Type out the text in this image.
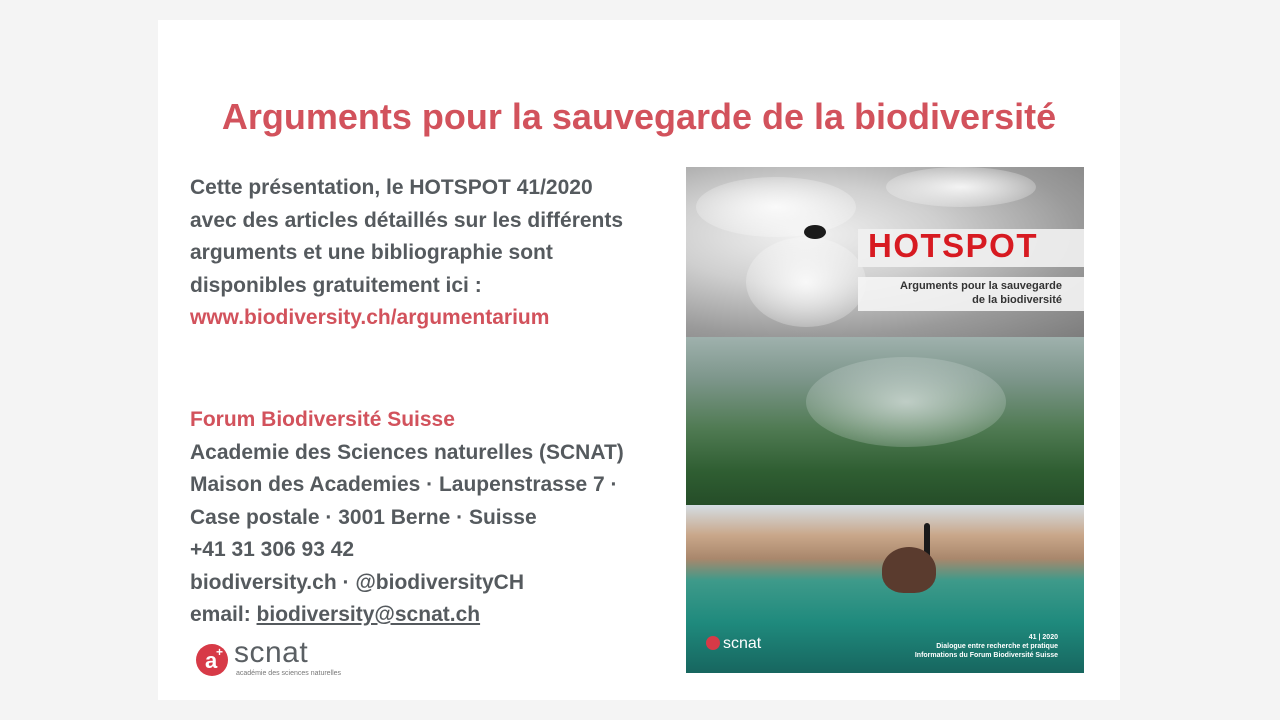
Arguments pour la sauvegarde de la biodiversité
Cette présentation, le HOTSPOT 41/2020
avec des articles détaillés sur les différents
arguments et une bibliographie sont
disponibles gratuitement ici :
www.biodiversity.ch/argumentarium
Forum Biodiversité Suisse
Academie des Sciences naturelles (SCNAT)
Maison des Academies · Laupenstrasse 7 ·
Case postale · 3001 Berne · Suisse
+41 31 306 93 42
biodiversity.ch · @biodiversityCH
email: biodiversity@scnat.ch
a
+ scnat
académie des sciences naturelles
HOTSPOT
Arguments pour la sauvegarde
de la biodiversité
scnat	41 | 2020
Dialogue entre recherche et pratique
Informations du Forum Biodiversité Suisse
